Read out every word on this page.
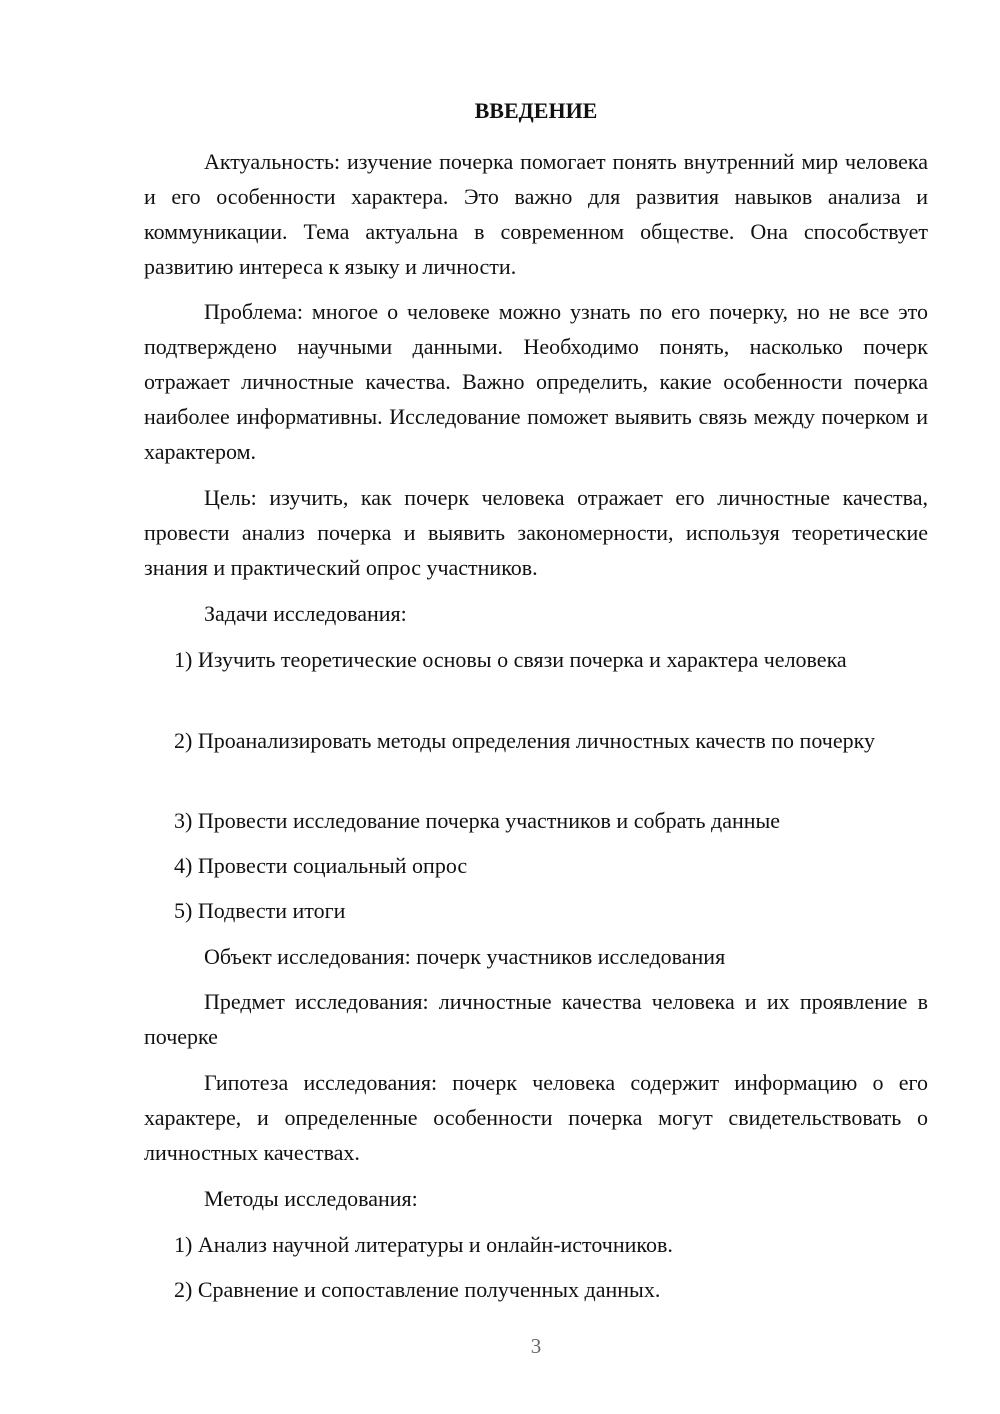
ВВЕДЕНИЕ

Актуальность: изучение почерка помогает понять внутренний мир человека и его особенности характера. Это важно для развития навыков анализа и коммуникации. Тема актуальна в современном обществе. Она способствует развитию интереса к языку и личности.

Проблема: многое о человеке можно узнать по его почерку, но не все это подтверждено научными данными. Необходимо понять, насколько почерк отражает личностные качества. Важно определить, какие особенности почерка наиболее информативны. Исследование поможет выявить связь между почерком и характером.

Цель: изучить, как почерк человека отражает его личностные качества, провести анализ почерка и выявить закономерности, используя теоретические знания и практический опрос участников.

Задачи исследования:

1) Изучить теоретические основы о связи почерка и характера человека

2) Проанализировать методы определения личностных качеств по почерку

3) Провести исследование почерка участников и собрать данные

4) Провести социальный опрос

5) Подвести итоги

Объект исследования: почерк участников исследования

Предмет исследования: личностные качества человека и их проявление в почерке

Гипотеза исследования: почерк человека содержит информацию о его характере, и определенные особенности почерка могут свидетельствовать о личностных качествах.

Методы исследования:

1) Анализ научной литературы и онлайн-источников.

2) Сравнение и сопоставление полученных данных.

3
